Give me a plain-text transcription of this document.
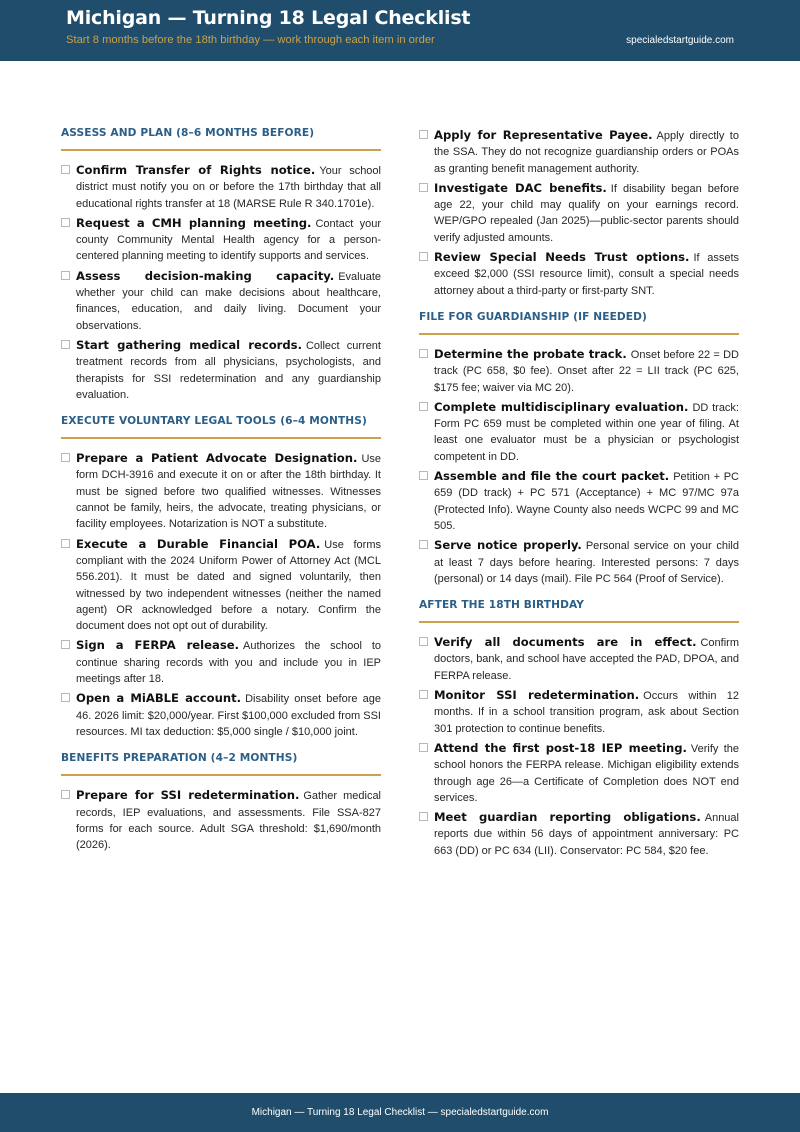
Michigan — Turning 18 Legal Checklist
Start 8 months before the 18th birthday — work through each item in order	specialedstartguide.com
ASSESS AND PLAN (8–6 MONTHS BEFORE)
Confirm Transfer of Rights notice. Your school district must notify you on or before the 17th birthday that all educational rights transfer at 18 (MARSE Rule R 340.1701e).
Request a CMH planning meeting. Contact your county Community Mental Health agency for a person-centered planning meeting to identify supports and services.
Assess decision-making capacity. Evaluate whether your child can make decisions about healthcare, finances, education, and daily living. Document your observations.
Start gathering medical records. Collect current treatment records from all physicians, psychologists, and therapists for SSI redetermination and any guardianship evaluation.
EXECUTE VOLUNTARY LEGAL TOOLS (6–4 MONTHS)
Prepare a Patient Advocate Designation. Use form DCH-3916 and execute it on or after the 18th birthday. It must be signed before two qualified witnesses. Witnesses cannot be family, heirs, the advocate, treating physicians, or facility employees. Notarization is NOT a substitute.
Execute a Durable Financial POA. Use forms compliant with the 2024 Uniform Power of Attorney Act (MCL 556.201). It must be dated and signed voluntarily, then witnessed by two independent witnesses (neither the named agent) OR acknowledged before a notary. Confirm the document does not opt out of durability.
Sign a FERPA release. Authorizes the school to continue sharing records with you and include you in IEP meetings after 18.
Open a MiABLE account. Disability onset before age 46. 2026 limit: $20,000/year. First $100,000 excluded from SSI resources. MI tax deduction: $5,000 single / $10,000 joint.
BENEFITS PREPARATION (4–2 MONTHS)
Prepare for SSI redetermination. Gather medical records, IEP evaluations, and assessments. File SSA-827 forms for each source. Adult SGA threshold: $1,690/month (2026).
Apply for Representative Payee. Apply directly to the SSA. They do not recognize guardianship orders or POAs as granting benefit management authority.
Investigate DAC benefits. If disability began before age 22, your child may qualify on your earnings record. WEP/GPO repealed (Jan 2025)—public-sector parents should verify adjusted amounts.
Review Special Needs Trust options. If assets exceed $2,000 (SSI resource limit), consult a special needs attorney about a third-party or first-party SNT.
FILE FOR GUARDIANSHIP (IF NEEDED)
Determine the probate track. Onset before 22 = DD track (PC 658, $0 fee). Onset after 22 = LII track (PC 625, $175 fee; waiver via MC 20).
Complete multidisciplinary evaluation. DD track: Form PC 659 must be completed within one year of filing. At least one evaluator must be a physician or psychologist competent in DD.
Assemble and file the court packet. Petition + PC 659 (DD track) + PC 571 (Acceptance) + MC 97/MC 97a (Protected Info). Wayne County also needs WCPC 99 and MC 505.
Serve notice properly. Personal service on your child at least 7 days before hearing. Interested persons: 7 days (personal) or 14 days (mail). File PC 564 (Proof of Service).
AFTER THE 18TH BIRTHDAY
Verify all documents are in effect. Confirm doctors, bank, and school have accepted the PAD, DPOA, and FERPA release.
Monitor SSI redetermination. Occurs within 12 months. If in a school transition program, ask about Section 301 protection to continue benefits.
Attend the first post-18 IEP meeting. Verify the school honors the FERPA release. Michigan eligibility extends through age 26—a Certificate of Completion does NOT end services.
Meet guardian reporting obligations. Annual reports due within 56 days of appointment anniversary: PC 663 (DD) or PC 634 (LII). Conservator: PC 584, $20 fee.
Michigan — Turning 18 Legal Checklist — specialedstartguide.com
